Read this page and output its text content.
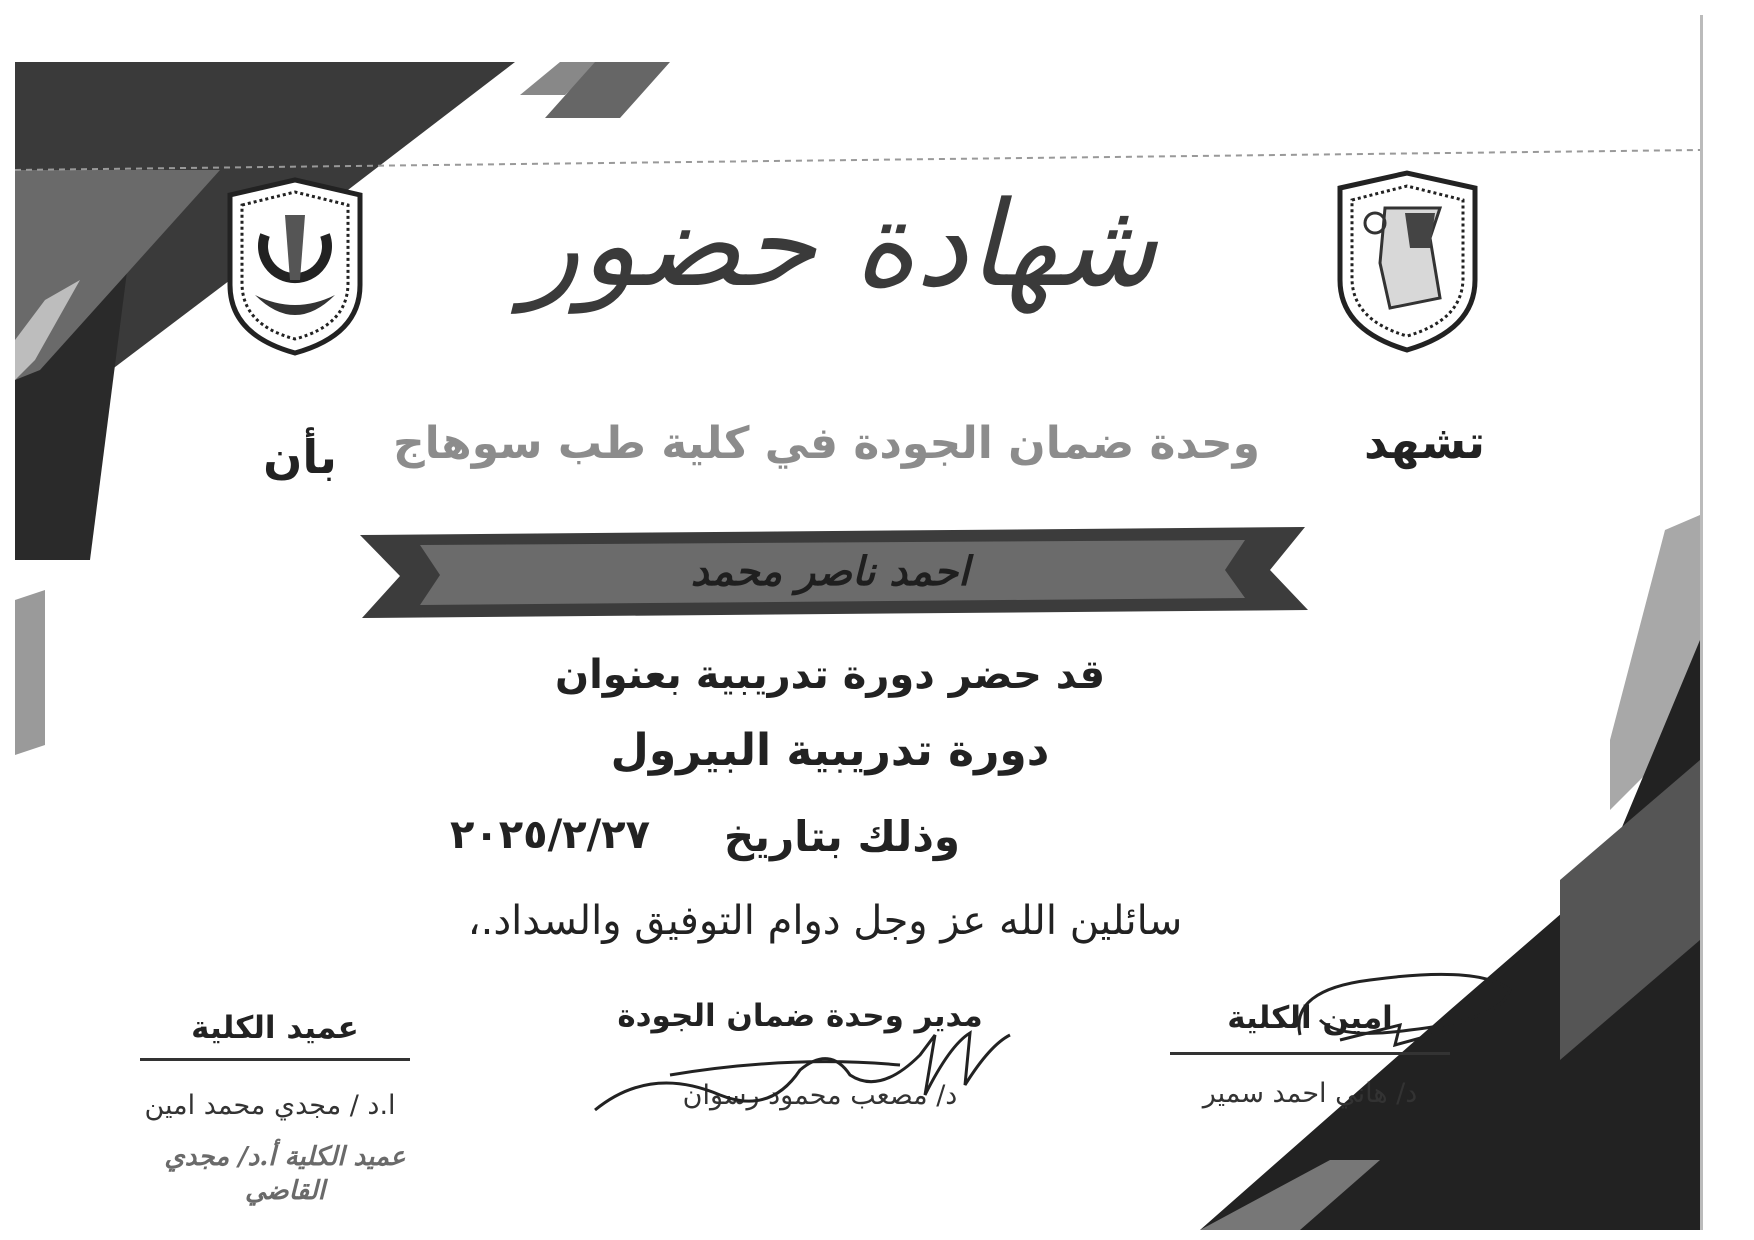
شهادة حضور
تشهد
وحدة ضمان الجودة في كلية طب سوهاج
بأن
احمد ناصر محمد
قد حضر دورة تدريبية بعنوان
دورة تدريبية البيرول
وذلك بتاريخ
٢٠٢٥/٢/٢٧
سائلين الله عز وجل دوام التوفيق والسداد.،
عميد الكلية
ا.د / مجدي محمد امين
عميد الكلية أ.د/ مجدي القاضي
مدير وحدة ضمان الجودة
د/ مصعب محمود رسوان
امين الكلية
د/ هاني احمد سمير
